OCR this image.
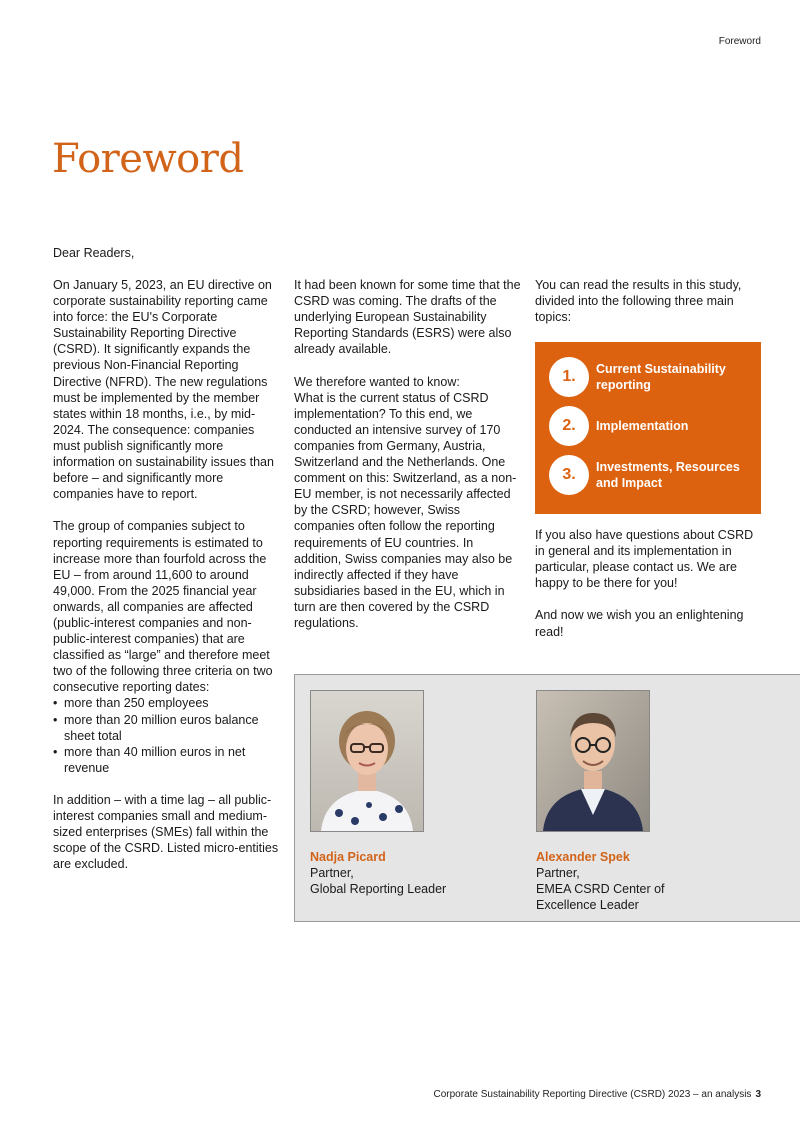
Foreword
Foreword
Dear Readers,

On January 5, 2023, an EU directive on corporate sustainability reporting came into force: the EU's Corporate Sustainability Reporting Directive (CSRD). It significantly expands the previous Non-Financial Reporting Directive (NFRD). The new regulations must be implemented by the member states within 18 months, i.e., by mid-2024. The consequence: companies must publish significantly more information on sustainability issues than before – and significantly more companies have to report.

The group of companies subject to reporting requirements is estimated to increase more than fourfold across the EU – from around 11,600 to around 49,000. From the 2025 financial year onwards, all companies are affected (public-interest companies and non-public-interest companies) that are classified as “large” and therefore meet two of the following three criteria on two consecutive reporting dates:

• more than 250 employees
• more than 20 million euros balance sheet total
• more than 40 million euros in net revenue

In addition – with a time lag – all public-interest companies small and medium-sized enterprises (SMEs) fall within the scope of the CSRD. Listed micro-entities are excluded.

It had been known for some time that the CSRD was coming. The drafts of the underlying European Sustainability Reporting Standards (ESRS) were also already available.

We therefore wanted to know:
What is the current status of CSRD implementation? To this end, we conducted an intensive survey of 170 companies from Germany, Austria, Switzerland and the Netherlands. One comment on this: Switzerland, as a non-EU member, is not necessarily affected by the CSRD; however, Swiss companies often follow the reporting requirements of EU countries. In addition, Swiss companies may also be indirectly affected if they have subsidiaries based in the EU, which in turn are then covered by the CSRD regulations.

You can read the results in this study, divided into the following three main topics:

1.	Current Sustainability reporting
2.	Implementation
3.	Investments, Resources and Impact

If you also have questions about CSRD in general and its implementation in particular, please contact us. We are happy to be there for you!

And now we wish you an enlightening read!

Nadja Picard
Partner,
Global Reporting Leader
Alexander Spek
Partner,
EMEA CSRD Center of Excellence Leader
Corporate Sustainability Reporting Directive (CSRD) 2023 – an analysis 3
